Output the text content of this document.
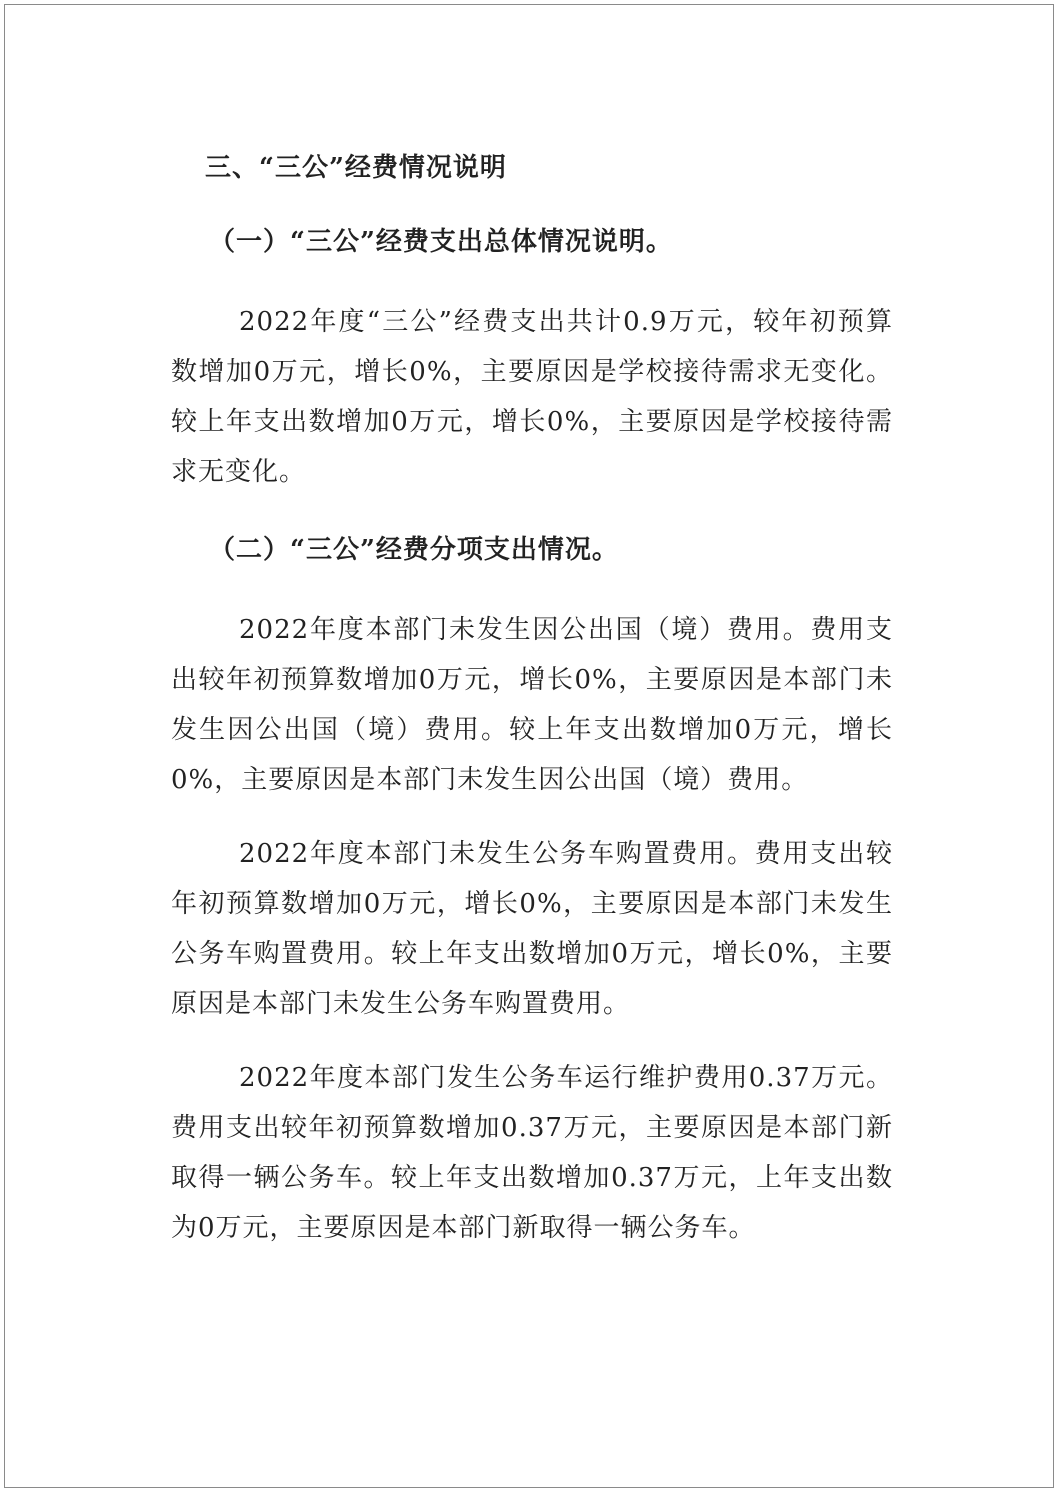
三、“三公”经费情况说明
（一）“三公”经费支出总体情况说明。

2022年度“三公”经费支出共计0.9万元，较年初预算数增加0万元，增长0%，主要原因是学校接待需求无变化。较上年支出数增加0万元，增长0%，主要原因是学校接待需求无变化。

（二）“三公”经费分项支出情况。

2022年度本部门未发生因公出国（境）费用。费用支出较年初预算数增加0万元，增长0%，主要原因是本部门未发生因公出国（境）费用。较上年支出数增加0万元，增长0%，主要原因是本部门未发生因公出国（境）费用。

2022年度本部门未发生公务车购置费用。费用支出较年初预算数增加0万元，增长0%，主要原因是本部门未发生公务车购置费用。较上年支出数增加0万元，增长0%，主要原因是本部门未发生公务车购置费用。

2022年度本部门发生公务车运行维护费用0.37万元。费用支出较年初预算数增加0.37万元，主要原因是本部门新取得一辆公务车。较上年支出数增加0.37万元，上年支出数为0万元，主要原因是本部门新取得一辆公务车。
